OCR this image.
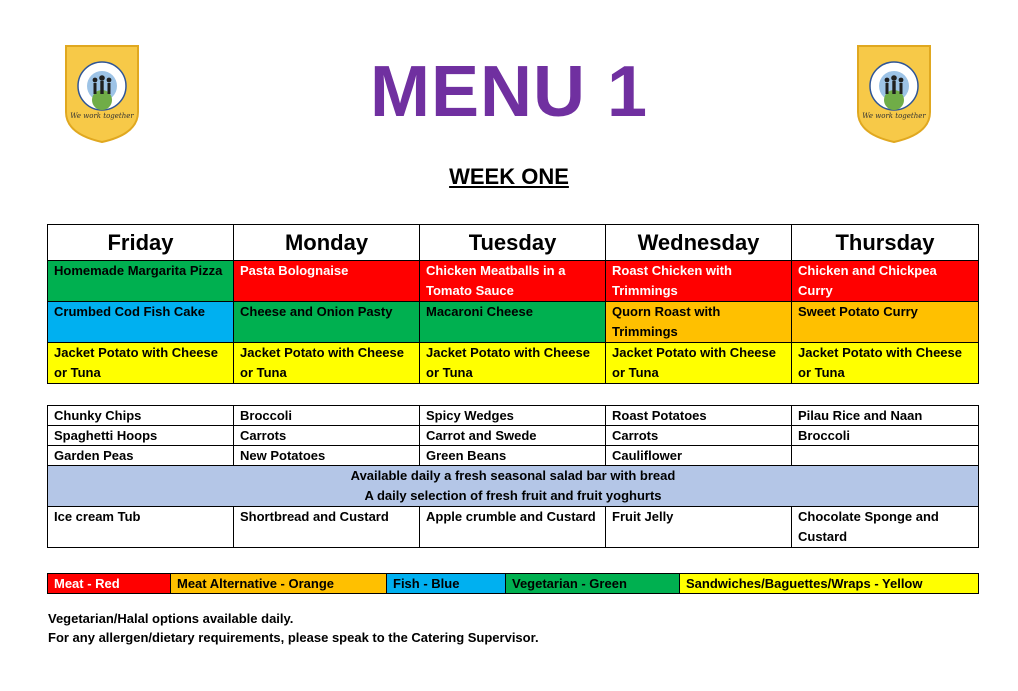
We work together	We work together
MENU 1
WEEK ONE
Friday	Monday	Tuesday	Wednesday	Thursday
Homemade Margarita Pizza	Pasta Bolognaise	Chicken Meatballs in a Tomato Sauce	Roast Chicken with Trimmings	Chicken and Chickpea Curry
Crumbed Cod Fish Cake	Cheese and Onion Pasty	Macaroni Cheese	Quorn Roast with Trimmings	Sweet Potato Curry
Jacket Potato with Cheese or Tuna	Jacket Potato with Cheese or Tuna	Jacket Potato with Cheese or Tuna	Jacket Potato with Cheese or Tuna	Jacket Potato with Cheese or Tuna
Chunky Chips	Broccoli	Spicy Wedges	Roast Potatoes	Pilau Rice and Naan
Spaghetti Hoops	Carrots	Carrot and Swede	Carrots	Broccoli
Garden Peas	New Potatoes	Green Beans	Cauliflower	

Available daily a fresh seasonal salad bar with bread
A daily selection of fresh fruit and fruit yoghurts				

Ice cream Tub	Shortbread and Custard	Apple crumble and Custard	Fruit Jelly	Chocolate Sponge and Custard
Meat - Red	Meat Alternative - Orange	Fish - Blue	Vegetarian - Green	Sandwiches/Baguettes/Wraps - Yellow
Vegetarian/Halal options available daily.
For any allergen/dietary requirements, please speak to the Catering Supervisor.
